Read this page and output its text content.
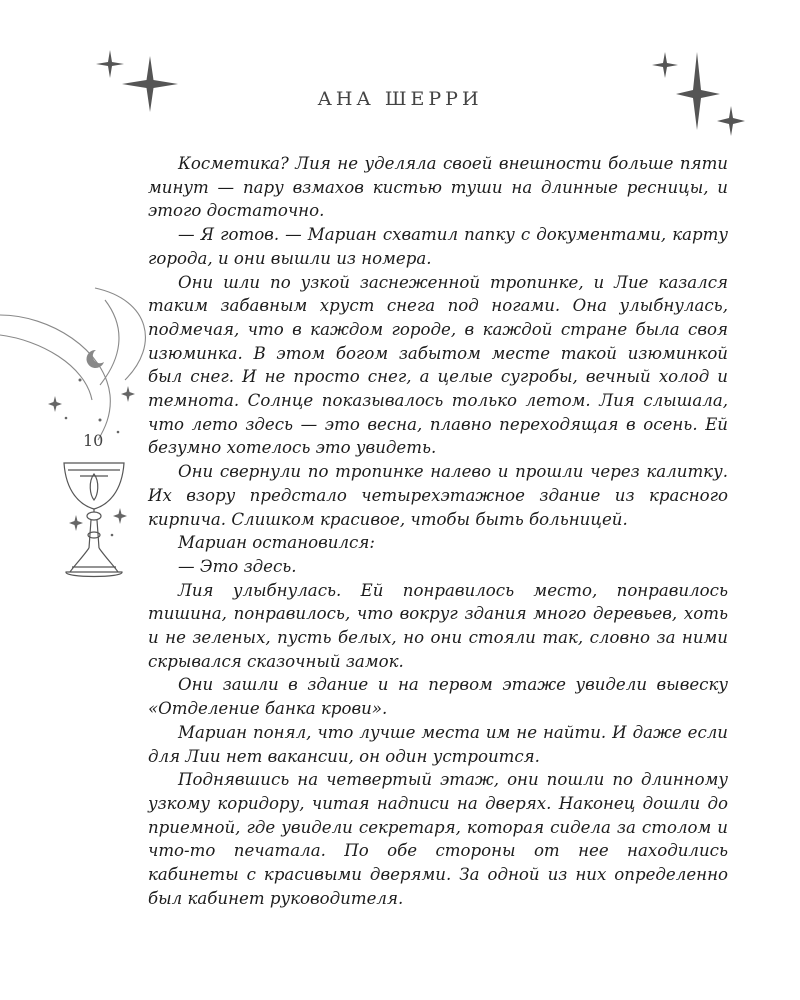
АНА ШЕРРИ
10

Косметика? Лия не уделяла своей внешности больше пяти минут — пару взмахов кистью туши на длинные ресницы, и этого достаточно.

— Я готов. — Мариан схватил папку с документами, карту города, и они вышли из номера.

Они шли по узкой заснеженной тропинке, и Лие казался таким забавным хруст снега под ногами. Она улыбнулась, подмечая, что в каждом городе, в каждой стране была своя изюминка. В этом богом забытом месте такой изюминкой был снег. И не просто снег, а целые сугробы, вечный холод и темнота. Солнце показывалось только летом. Лия слышала, что лето здесь — это весна, плавно переходящая в осень. Ей безумно хотелось это увидеть.

Они свернули по тропинке налево и прошли через калитку. Их взору предстало четырехэтажное здание из красного кирпича. Слишком красивое, чтобы быть больницей.

Мариан остановился:

— Это здесь.

Лия улыбнулась. Ей понравилось место, понравилось тишина, понравилось, что вокруг здания много деревьев, хоть и не зеленых, пусть белых, но они стояли так, словно за ними скрывался сказочный замок.

Они зашли в здание и на первом этаже увидели вывеску «Отделение банка крови».

Мариан понял, что лучше места им не найти. И даже если для Лии нет вакансии, он один устроится.

Поднявшись на четвертый этаж, они пошли по длинному узкому коридору, читая надписи на дверях. Наконец дошли до приемной, где увидели секретаря, которая сидела за столом и что-то печатала. По обе стороны от нее находились кабинеты с красивыми дверями. За одной из них определенно был кабинет руководителя.
